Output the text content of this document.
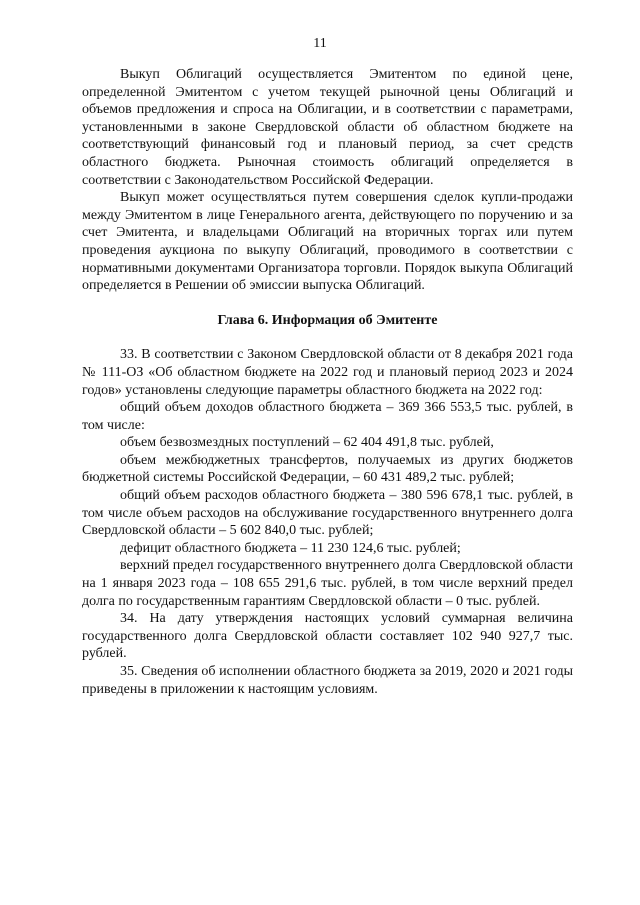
11

Выкуп Облигаций осуществляется Эмитентом по единой цене, определенной Эмитентом с учетом текущей рыночной цены Облигаций и объемов предложения и спроса на Облигации, и в соответствии с параметрами, установленными в законе Свердловской области об областном бюджете на соответствующий финансовый год и плановый период, за счет средств областного бюджета. Рыночная стоимость облигаций определяется в соответствии с Законодательством Российской Федерации.

Выкуп может осуществляться путем совершения сделок купли-продажи между Эмитентом в лице Генерального агента, действующего по поручению и за счет Эмитента, и владельцами Облигаций на вторичных торгах или путем проведения аукциона по выкупу Облигаций, проводимого в соответствии с нормативными документами Организатора торговли. Порядок выкупа Облигаций определяется в Решении об эмиссии выпуска Облигаций.

Глава 6. Информация об Эмитенте

33. В соответствии с Законом Свердловской области от 8 декабря 2021 года № 111-ОЗ «Об областном бюджете на 2022 год и плановый период 2023 и 2024 годов» установлены следующие параметры областного бюджета на 2022 год:

общий объем доходов областного бюджета – 369 366 553,5 тыс. рублей, в том числе:

объем безвозмездных поступлений – 62 404 491,8 тыс. рублей,

объем межбюджетных трансфертов, получаемых из других бюджетов бюджетной системы Российской Федерации, – 60 431 489,2 тыс. рублей;

общий объем расходов областного бюджета – 380 596 678,1 тыс. рублей, в том числе объем расходов на обслуживание государственного внутреннего долга Свердловской области – 5 602 840,0 тыс. рублей;

дефицит областного бюджета – 11 230 124,6 тыс. рублей;

верхний предел государственного внутреннего долга Свердловской области на 1 января 2023 года – 108 655 291,6 тыс. рублей, в том числе верхний предел долга по государственным гарантиям Свердловской области – 0 тыс. рублей.

34. На дату утверждения настоящих условий суммарная величина государственного долга Свердловской области составляет 102 940 927,7 тыс. рублей.

35. Сведения об исполнении областного бюджета за 2019, 2020 и 2021 годы приведены в приложении к настоящим условиям.
